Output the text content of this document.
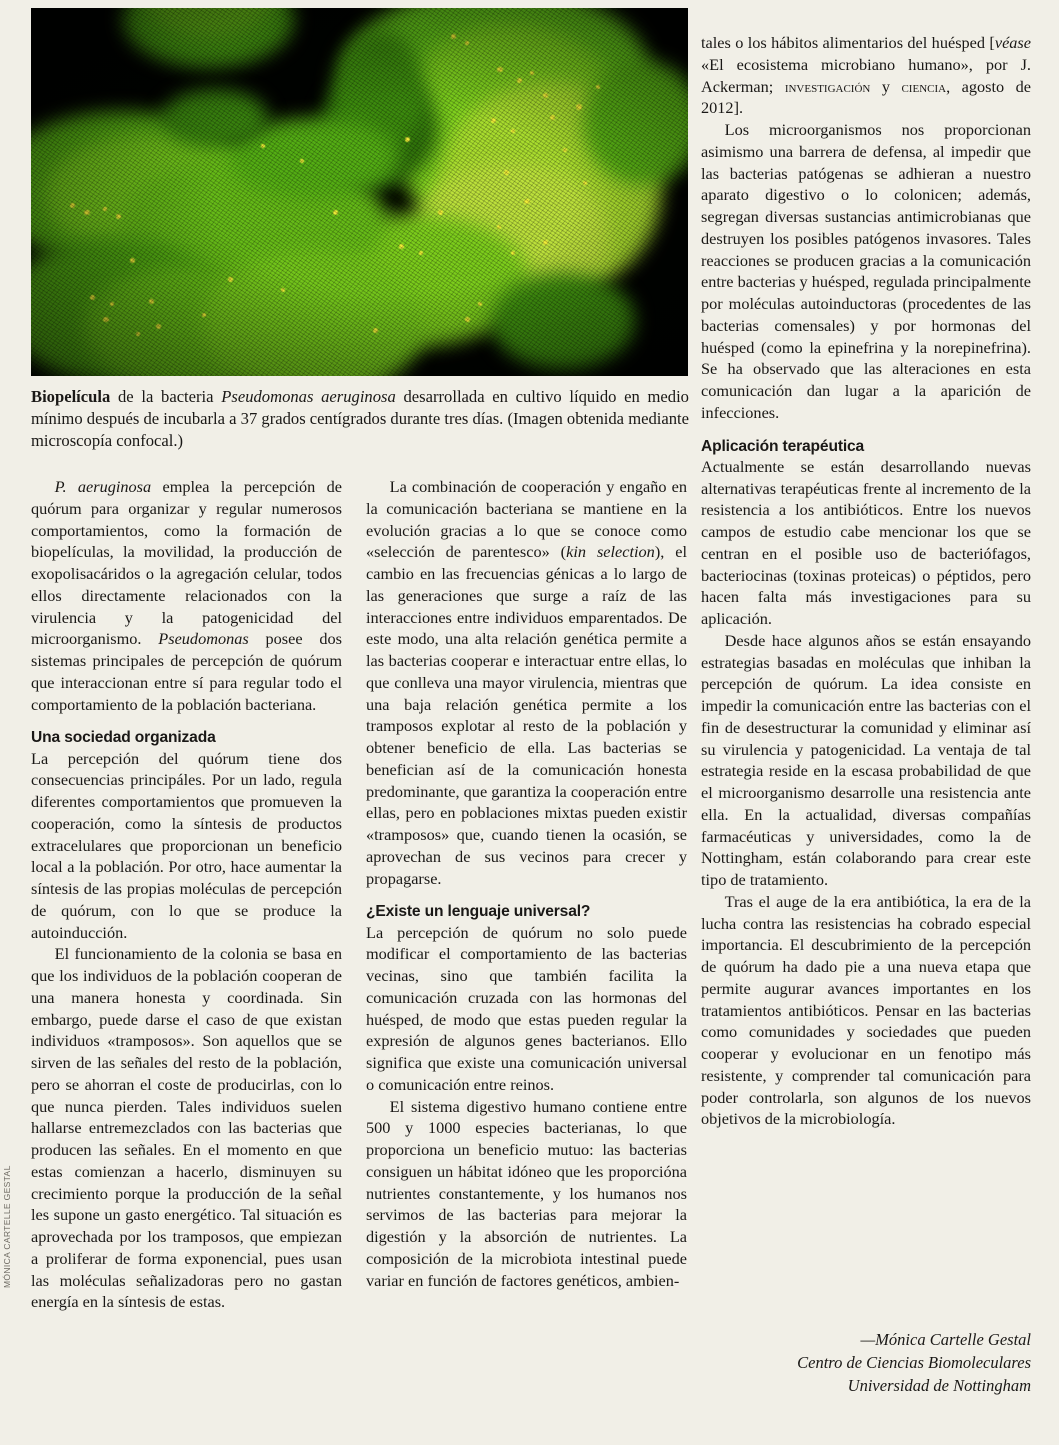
MÓNICA CARTELLE GESTAL
Biopelícula de la bacteria Pseudomonas aeruginosa desarrollada en cultivo líquido en medio mínimo después de incubarla a 37 grados centígrados durante tres días. (Imagen obtenida mediante microscopía confocal.)

P. aeruginosa emplea la percepción de quórum para organizar y regular numerosos comportamientos, como la formación de biopelículas, la movilidad, la producción de exopolisacáridos o la agregación celular, todos ellos directamente relacionados con la virulencia y la patogenicidad del microorganismo. Pseudomonas posee dos sistemas principales de percepción de quórum que interaccionan entre sí para regular todo el comportamiento de la población bacteriana.

Una sociedad organizada

La percepción del quórum tiene dos consecuencias principáles. Por un lado, regula diferentes comportamientos que promueven la cooperación, como la síntesis de productos extracelulares que proporcionan un beneficio local a la población. Por otro, hace aumentar la síntesis de las propias moléculas de percepción de quórum, con lo que se produce la autoinducción.

El funcionamiento de la colonia se basa en que los individuos de la población cooperan de una manera honesta y coordinada. Sin embargo, puede darse el caso de que existan individuos «tramposos». Son aquellos que se sirven de las señales del resto de la población, pero se ahorran el coste de producirlas, con lo que nunca pierden. Tales individuos suelen hallarse entremezclados con las bacterias que producen las señales. En el momento en que estas comienzan a hacerlo, disminuyen su crecimiento porque la producción de la señal les supone un gasto energético. Tal situación es aprovechada por los tramposos, que empiezan a proliferar de forma exponencial, pues usan las moléculas señalizadoras pero no gastan energía en la síntesis de estas.

La combinación de cooperación y engaño en la comunicación bacteriana se mantiene en la evolución gracias a lo que se conoce como «selección de parentesco» (kin selection), el cambio en las frecuencias génicas a lo largo de las generaciones que surge a raíz de las interacciones entre individuos emparentados. De este modo, una alta relación genética permite a las bacterias cooperar e interactuar entre ellas, lo que conlleva una mayor virulencia, mientras que una baja relación genética permite a los tramposos explotar al resto de la población y obtener beneficio de ella. Las bacterias se benefician así de la comunicación honesta predominante, que garantiza la cooperación entre ellas, pero en poblaciones mixtas pueden existir «tramposos» que, cuando tienen la ocasión, se aprovechan de sus vecinos para crecer y propagarse.

¿Existe un lenguaje universal?

La percepción de quórum no solo puede modificar el comportamiento de las bacterias vecinas, sino que también facilita la comunicación cruzada con las hormonas del huésped, de modo que estas pueden regular la expresión de algunos genes bacterianos. Ello significa que existe una comunicación universal o comunicación entre reinos.

El sistema digestivo humano contiene entre 500 y 1000 especies bacterianas, lo que proporciona un beneficio mutuo: las bacterias consiguen un hábitat idóneo que les proporcióna nutrientes constantemente, y los humanos nos servimos de las bacterias para mejorar la digestión y la absorción de nutrientes. La composición de la microbiota intestinal puede variar en función de factores genéticos, ambien-

tales o los hábitos alimentarios del huésped [véase «El ecosistema microbiano humano», por J. Ackerman; investigación y ciencia, agosto de 2012].

Los microorganismos nos proporcionan asimismo una barrera de defensa, al impedir que las bacterias patógenas se adhieran a nuestro aparato digestivo o lo colonicen; además, segregan diversas sustancias antimicrobianas que destruyen los posibles patógenos invasores. Tales reacciones se producen gracias a la comunicación entre bacterias y huésped, regulada principalmente por moléculas autoinductoras (procedentes de las bacterias comensales) y por hormonas del huésped (como la epinefrina y la norepinefrina). Se ha observado que las alteraciones en esta comunicación dan lugar a la aparición de infecciones.

Aplicación terapéutica

Actualmente se están desarrollando nuevas alternativas terapéuticas frente al incremento de la resistencia a los antibióticos. Entre los nuevos campos de estudio cabe mencionar los que se centran en el posible uso de bacteriófagos, bacteriocinas (toxinas proteicas) o péptidos, pero hacen falta más investigaciones para su aplicación.

Desde hace algunos años se están ensayando estrategias basadas en moléculas que inhiban la percepción de quórum. La idea consiste en impedir la comunicación entre las bacterias con el fin de desestructurar la comunidad y eliminar así su virulencia y patogenicidad. La ventaja de tal estrategia reside en la escasa probabilidad de que el microorganismo desarrolle una resistencia ante ella. En la actualidad, diversas compañías farmacéuticas y universidades, como la de Nottingham, están colaborando para crear este tipo de tratamiento.

Tras el auge de la era antibiótica, la era de la lucha contra las resistencias ha cobrado especial importancia. El descubrimiento de la percepción de quórum ha dado pie a una nueva etapa que permite augurar avances importantes en los tratamientos antibióticos. Pensar en las bacterias como comunidades y sociedades que pueden cooperar y evolucionar en un fenotipo más resistente, y comprender tal comunicación para poder controlarla, son algunos de los nuevos objetivos de la microbiología.

—Mónica Cartelle Gestal
Centro de Ciencias Biomoleculares
Universidad de Nottingham
